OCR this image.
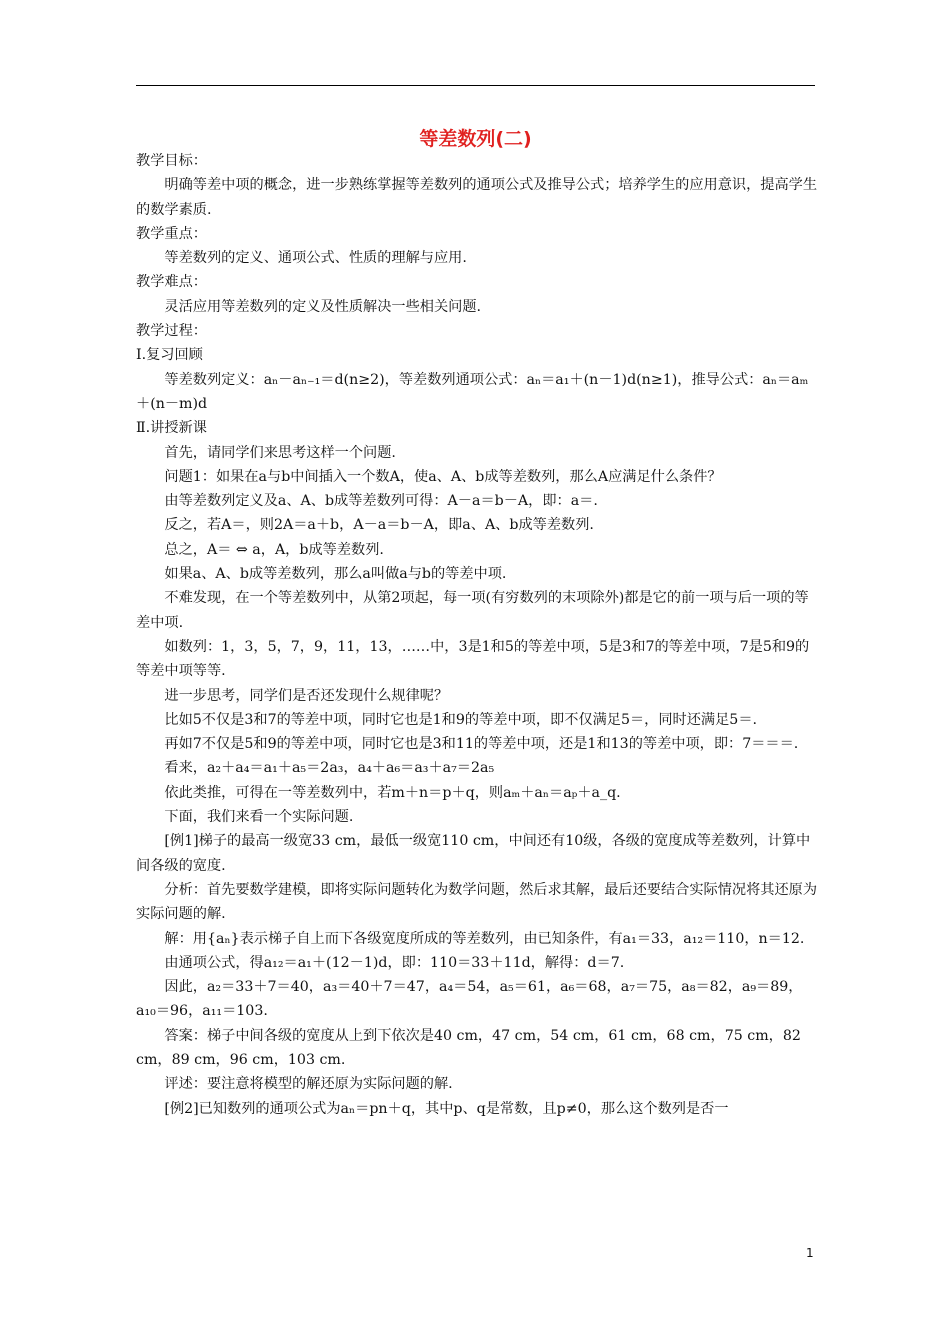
等差数列(二)

教学目标：

明确等差中项的概念，进一步熟练掌握等差数列的通项公式及推导公式；培养学生的应用意识，提高学生的数学素质.

教学重点：

等差数列的定义、通项公式、性质的理解与应用.

教学难点：

灵活应用等差数列的定义及性质解决一些相关问题.

教学过程：

Ⅰ.复习回顾

等差数列定义：aₙ－aₙ₋₁＝d(n≥2)，等差数列通项公式：aₙ＝a₁＋(n－1)d(n≥1)，推导公式：aₙ＝aₘ＋(n－m)d

Ⅱ.讲授新课

首先，请同学们来思考这样一个问题.

问题1：如果在a与b中间插入一个数A，使a、A、b成等差数列，那么A应满足什么条件？

由等差数列定义及a、A、b成等差数列可得：A－a＝b－A，即：a＝.

反之，若A＝，则2A＝a＋b，A－a＝b－A，即a、A、b成等差数列.

总之，A＝ ⇔ a，A，b成等差数列.

如果a、A、b成等差数列，那么a叫做a与b的等差中项.

不难发现，在一个等差数列中，从第2项起，每一项(有穷数列的末项除外)都是它的前一项与后一项的等差中项.

如数列：1，3，5，7，9，11，13，……中，3是1和5的等差中项，5是3和7的等差中项，7是5和9的等差中项等等.

进一步思考，同学们是否还发现什么规律呢？

比如5不仅是3和7的等差中项，同时它也是1和9的等差中项，即不仅满足5＝，同时还满足5＝.

再如7不仅是5和9的等差中项，同时它也是3和11的等差中项，还是1和13的等差中项，即：7＝＝＝.

看来，a₂＋a₄＝a₁＋a₅＝2a₃，a₄＋a₆＝a₃＋a₇＝2a₅

依此类推，可得在一等差数列中，若m＋n＝p＋q，则aₘ＋aₙ＝aₚ＋a_q.

下面，我们来看一个实际问题.

[例1]梯子的最高一级宽33 cm，最低一级宽110 cm，中间还有10级，各级的宽度成等差数列，计算中间各级的宽度.

分析：首先要数学建模，即将实际问题转化为数学问题，然后求其解，最后还要结合实际情况将其还原为实际问题的解.

解：用{aₙ}表示梯子自上而下各级宽度所成的等差数列，由已知条件，有a₁＝33，a₁₂＝110，n＝12.

由通项公式，得a₁₂＝a₁＋(12－1)d，即：110＝33＋11d，解得：d＝7.

因此，a₂＝33＋7＝40，a₃＝40＋7＝47，a₄＝54，a₅＝61，a₆＝68，a₇＝75，a₈＝82，a₉＝89，a₁₀＝96，a₁₁＝103.

答案：梯子中间各级的宽度从上到下依次是40 cm，47 cm，54 cm，61 cm，68 cm，75 cm，82 cm，89 cm，96 cm，103 cm.

评述：要注意将模型的解还原为实际问题的解.

[例2]已知数列的通项公式为aₙ＝pn＋q，其中p、q是常数，且p≠0，那么这个数列是否一

1
